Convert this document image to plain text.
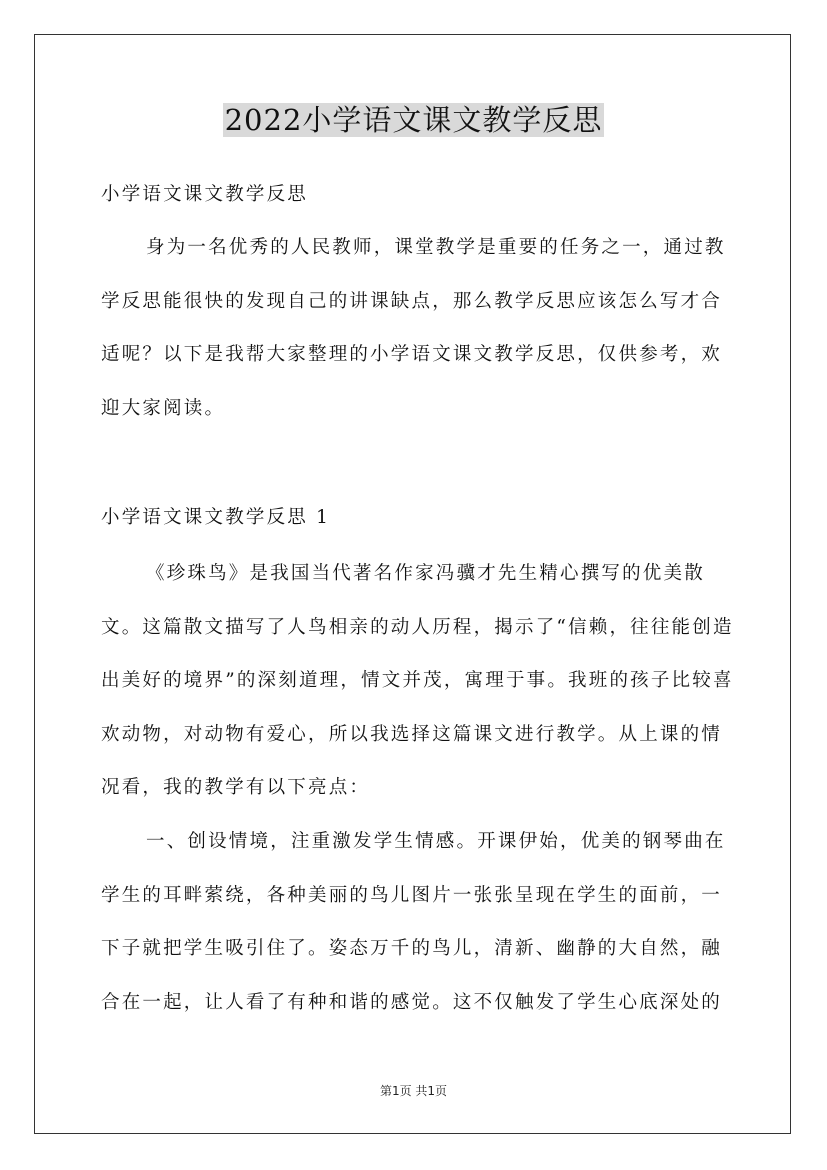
2022小学语文课文教学反思

小学语文课文教学反思

身为一名优秀的人民教师，课堂教学是重要的任务之一，通过教学反思能很快的发现自己的讲课缺点，那么教学反思应该怎么写才合适呢？以下是我帮大家整理的小学语文课文教学反思，仅供参考，欢迎大家阅读。

小学语文课文教学反思 1

《珍珠鸟》是我国当代著名作家冯骥才先生精心撰写的优美散文。这篇散文描写了人鸟相亲的动人历程，揭示了“信赖，往往能创造出美好的境界”的深刻道理，情文并茂，寓理于事。我班的孩子比较喜欢动物，对动物有爱心，所以我选择这篇课文进行教学。从上课的情况看，我的教学有以下亮点：

一、创设情境，注重激发学生情感。开课伊始，优美的钢琴曲在学生的耳畔萦绕，各种美丽的鸟儿图片一张张呈现在学生的面前，一下子就把学生吸引住了。姿态万千的鸟儿，清新、幽静的大自然，融合在一起，让人看了有种和谐的感觉。这不仅触发了学生心底深处的

第1页 共1页
